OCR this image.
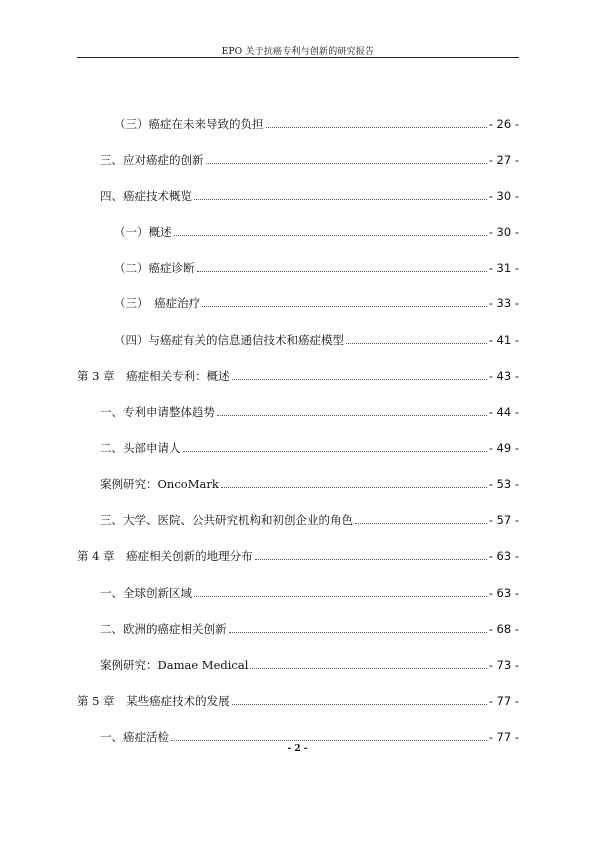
EPO 关于抗癌专利与创新的研究报告
（三）癌症在未来导致的负担	- 26 -
三、应对癌症的创新	- 27 -
四、癌症技术概览	- 30 -
（一）概述	- 30 -
（二）癌症诊断	- 31 -
（三）　癌症治疗	- 33 -
（四）与癌症有关的信息通信技术和癌症模型	- 41 -
第 3 章　癌症相关专利：概述	- 43 -
一、专利申请整体趋势	- 44 -
二、头部申请人	- 49 -
案例研究：OncoMark	- 53 -
三、大学、医院、公共研究机构和初创企业的角色	- 57 -
第 4 章　癌症相关创新的地理分布	- 63 -
一、全球创新区域	- 63 -
二、欧洲的癌症相关创新	- 68 -
案例研究：Damae Medical	- 73 -
第 5 章　某些癌症技术的发展	- 77 -
一、癌症活检	- 77 -
- 2 -
